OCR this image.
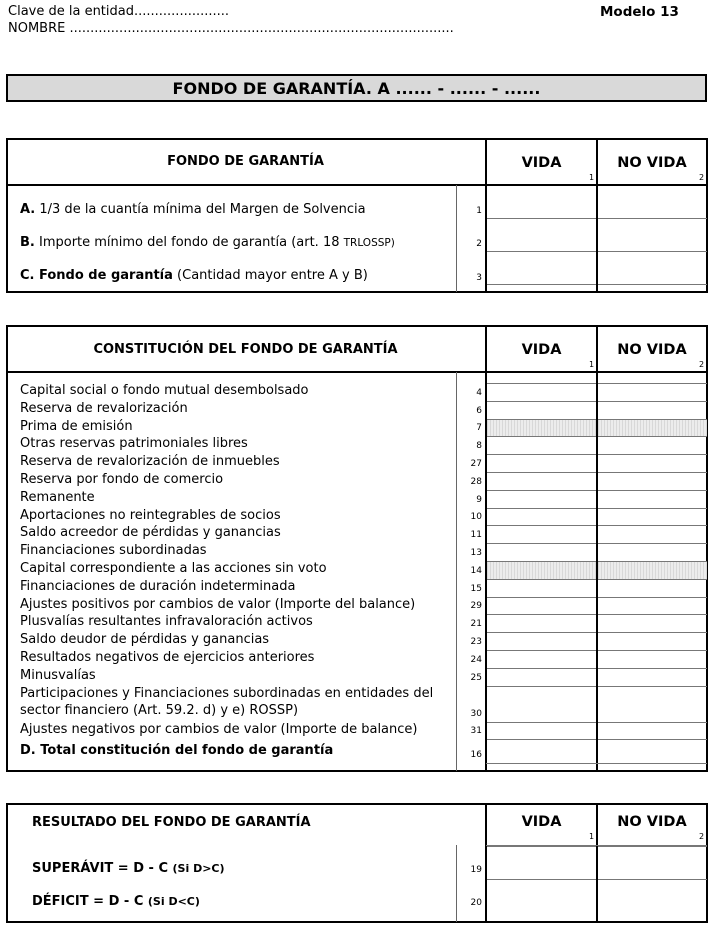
Clave de la entidad.......................
NOMBRE .............................................................................................
Modelo 13
FONDO DE GARANTÍA. A ...... - ...... - ......
FONDO DE GARANTÍA	VIDA	NO VIDA
1	2
A. 1/3 de la cuantía mínima del Margen de Solvencia	1
B. Importe mínimo del fondo de garantía (art. 18 TRLOSSP)	2
C. Fondo de garantía (Cantidad mayor entre A y B)	3
CONSTITUCIÓN DEL FONDO DE GARANTÍA	VIDA	NO VIDA
1	2
Capital social o fondo mutual desembolsado	4
Reserva de revalorización	6
Prima de emisión	7
Otras reservas patrimoniales libres	8
Reserva de revalorización de inmuebles	27
Reserva por fondo de comercio	28
Remanente	9
Aportaciones no reintegrables de socios	10
Saldo acreedor de pérdidas y ganancias	11
Financiaciones subordinadas	13
Capital correspondiente a las acciones sin voto	14
Financiaciones de duración indeterminada	15
Ajustes positivos por cambios de valor (Importe del balance)	29
Plusvalías resultantes infravaloración activos	21
Saldo deudor de pérdidas y ganancias	23
Resultados negativos de ejercicios anteriores	24
Minusvalías	25
Participaciones y Financiaciones subordinadas en entidades del
sector financiero (Art. 59.2. d) y e) ROSSP)	30
Ajustes negativos por cambios de valor (Importe de balance)	31
D. Total constitución del fondo de garantía	16
RESULTADO DEL FONDO DE GARANTÍA	VIDA	NO VIDA
1	2
SUPERÁVIT = D - C (Si D>C)	19
DÉFICIT = D - C (Si D<C)	20
